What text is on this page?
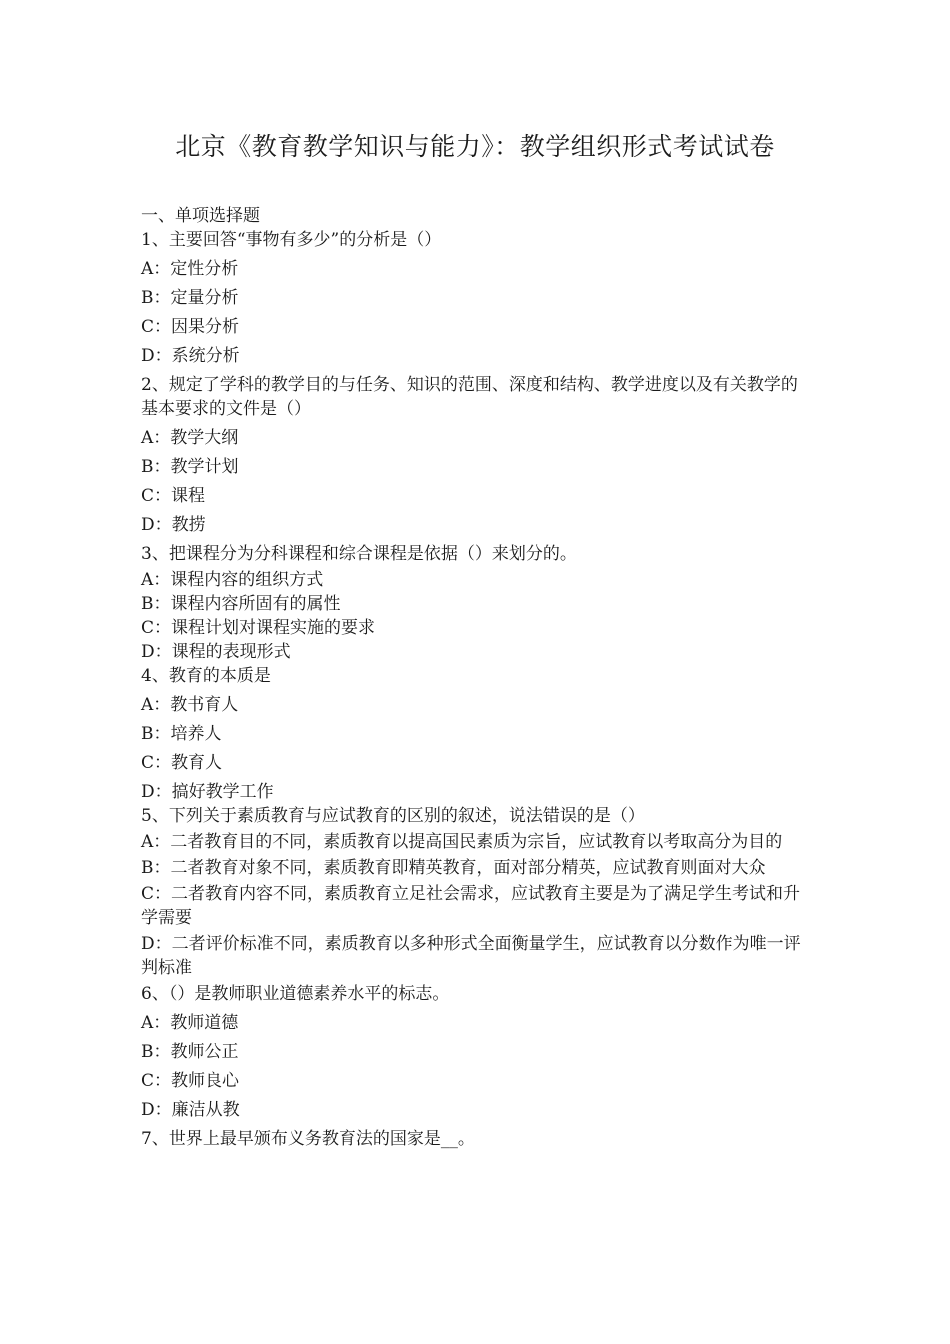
北京《教育教学知识与能力》：教学组织形式考试试卷

一、单项选择题

1、主要回答“事物有多少”的分析是（）

A：定性分析

B：定量分析

C：因果分析

D：系统分析

2、规定了学科的教学目的与任务、知识的范围、深度和结构、教学进度以及有关教学的基本要求的文件是（）

A：教学大纲

B：教学计划

C：课程

D：教捞

3、把课程分为分科课程和综合课程是依据（）来划分的。

A：课程内容的组织方式

B：课程内容所固有的属性

C：课程计划对课程实施的要求

D：课程的表现形式

4、教育的本质是

A：教书育人

B：培养人

C：教育人

D：搞好教学工作

5、下列关于素质教育与应试教育的区别的叙述，说法错误的是（）

A：二者教育目的不同，素质教育以提高国民素质为宗旨，应试教育以考取高分为目的

B：二者教育对象不同，素质教育即精英教育，面对部分精英，应试教育则面对大众

C：二者教育内容不同，素质教育立足社会需求，应试教育主要是为了满足学生考试和升学需要

D：二者评价标准不同，素质教育以多种形式全面衡量学生，应试教育以分数作为唯一评判标准

6、（）是教师职业道德素养水平的标志。

A：教师道德

B：教师公正

C：教师良心

D：廉洁从教

7、世界上最早颁布义务教育法的国家是__。
